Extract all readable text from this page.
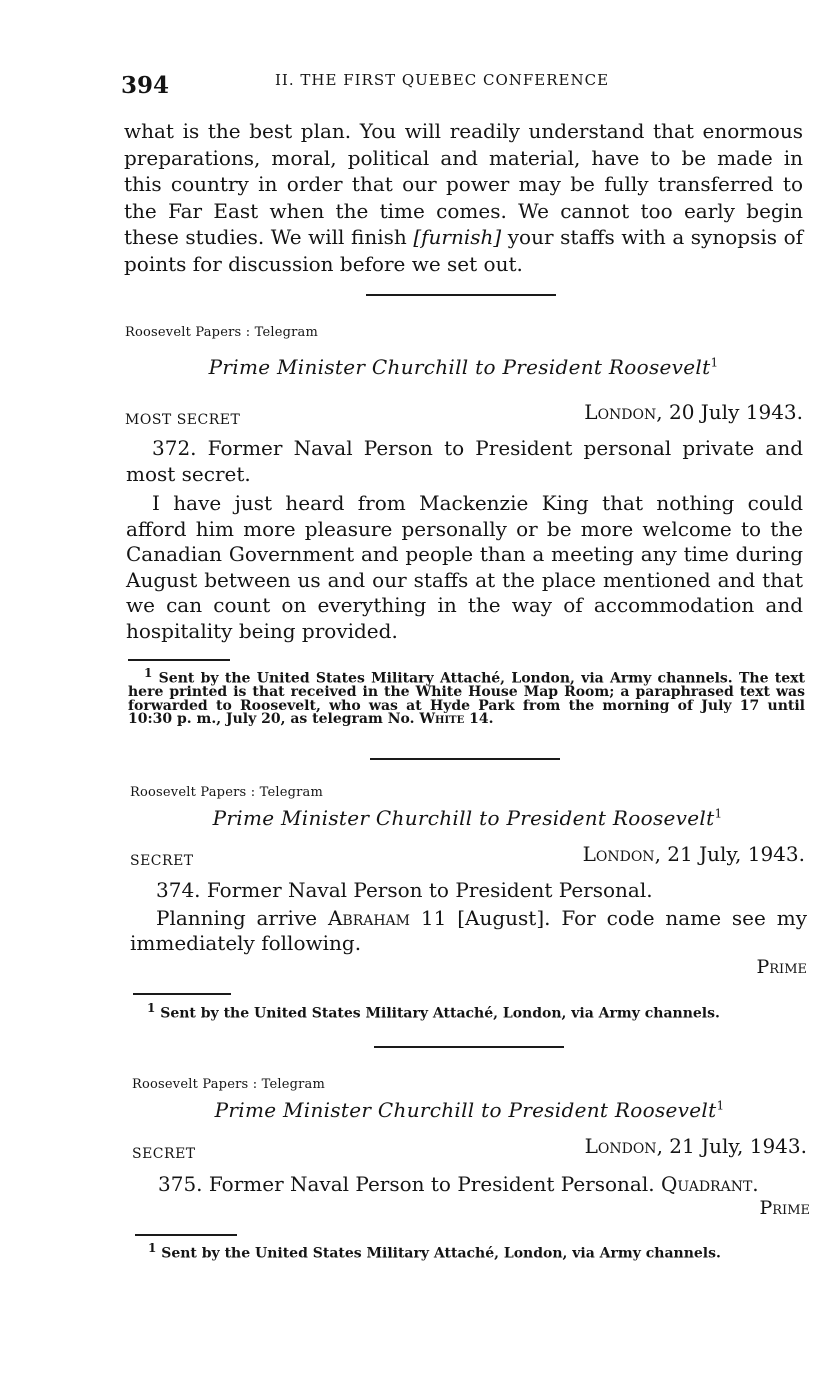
394	II. THE FIRST QUEBEC CONFERENCE
what is the best plan. You will readily understand that enormous preparations, moral, political and material, have to be made in this country in order that our power may be fully transferred to the Far East when the time comes. We cannot too early begin these studies. We will finish [furnish] your staffs with a synopsis of points for discussion before we set out.
Roosevelt Papers : Telegram
Prime Minister Churchill to President Roosevelt$^1$
MOST SECRET	London, 20 July 1943.

372. Former Naval Person to President personal private and most secret.

I have just heard from Mackenzie King that nothing could afford him more pleasure personally or be more welcome to the Canadian Government and people than a meeting any time during August between us and our staffs at the place mentioned and that we can count on everything in the way of accommodation and hospitality being provided.

1 Sent by the United States Military Attaché, London, via Army channels. The text here printed is that received in the White House Map Room; a paraphrased text was forwarded to Roosevelt, who was at Hyde Park from the morning of July 17 until 10:30 p. m., July 20, as telegram No. White 14.
Roosevelt Papers : Telegram
Prime Minister Churchill to President Roosevelt$^1$
SECRET	London, 21 July, 1943.

374. Former Naval Person to President Personal.

Planning arrive Abraham 11 [August]. For code name see my immediately following.

Prime
1 Sent by the United States Military Attaché, London, via Army channels.
Roosevelt Papers : Telegram
Prime Minister Churchill to President Roosevelt$^1$
SECRET	London, 21 July, 1943.

375. Former Naval Person to President Personal. Quadrant.

Prime
1 Sent by the United States Military Attaché, London, via Army channels.
